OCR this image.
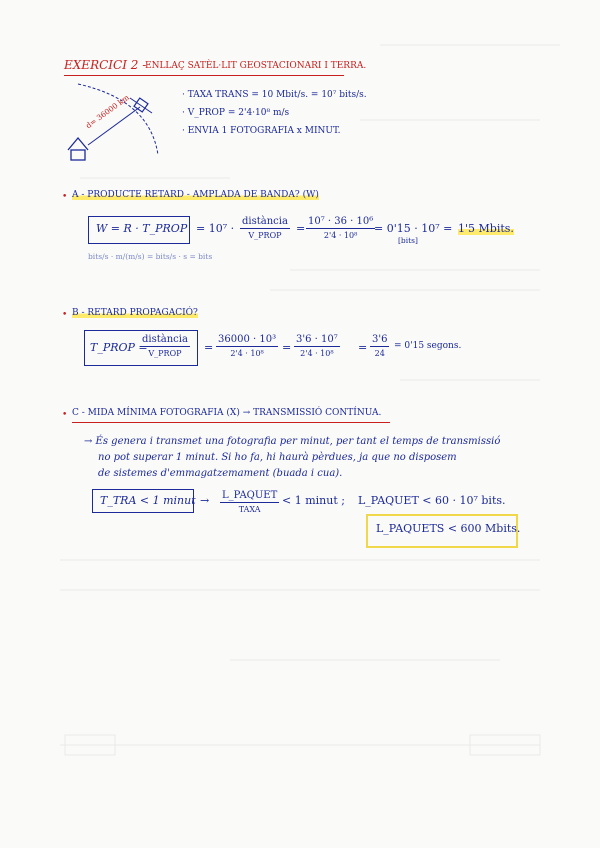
EXERCICI 2 -
ENLLAÇ SATÈL·LIT GEOSTACIONARI I TERRA.
d= 36000 km	· TAXA TRANS = 10 Mbit/s. = 10⁷ bits/s.
· V_PROP = 2'4·10⁸ m/s
· ENVIA 1 FOTOGRAFIA x MINUT.
• A - PRODUCTE RETARD - AMPLADA DE BANDA? (W)
W = R · T_PROP = 10⁷ ·
distància
V_PROP
=
10⁷ · 36 · 10⁶
2'4 · 10⁸
= 0'15 · 10⁷ =
[bits]
1'5 Mbits.
bits/s · m/(m/s) = bits/s · s = bits
• B - RETARD PROPAGACIÓ?
T_PROP =
distància
V_PROP =
36000 · 10³
2'4 · 10⁸ =
3'6 · 10⁷
2'4 · 10⁸ =
3'6
24
= 0'15 segons.
• C - MIDA MÍNIMA FOTOGRAFIA (X) → TRANSMISSIÓ CONTÍNUA.
→ És genera i transmet una fotografia per minut, per tant el temps de transmissió
no pot superar 1 minut. Si ho fa, hi haurà pèrdues, ja que no disposem
de sistemes d'emmagatzemament (buada i cua).
T_TRA < 1 minut → L_PAQUET
TAXA
< 1 minut ; L_PAQUET < 60 · 10⁷ bits.
L_PAQUETS < 600 Mbits.
